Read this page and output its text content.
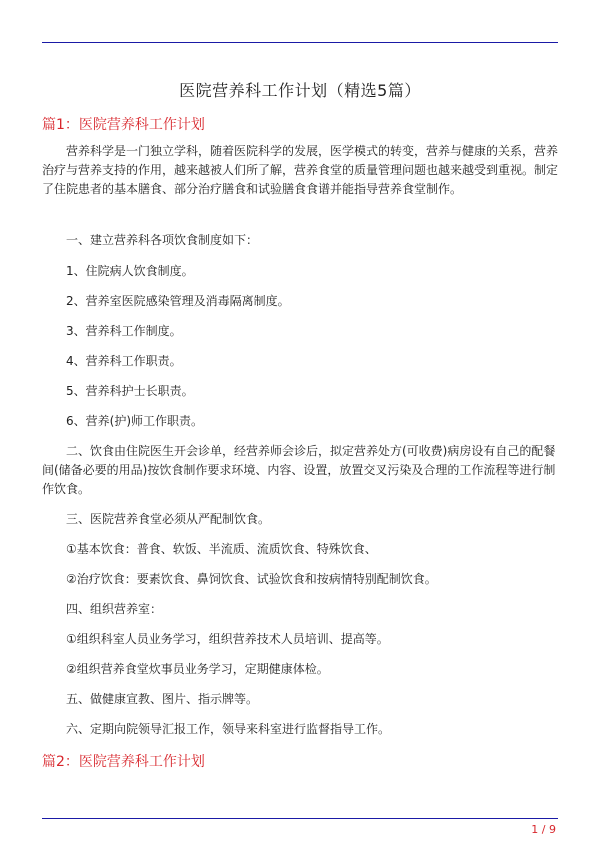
医院营养科工作计划（精选5篇）
篇1：医院营养科工作计划

营养科学是一门独立学科，随着医院科学的发展，医学模式的转变，营养与健康的关系，营养治疗与营养支持的作用，越来越被人们所了解，营养食堂的质量管理问题也越来越受到重视。制定了住院患者的基本膳食、部分治疗膳食和试验膳食食谱并能指导营养食堂制作。

一、建立营养科各项饮食制度如下：

1、住院病人饮食制度。

2、营养室医院感染管理及消毒隔离制度。

3、营养科工作制度。

4、营养科工作职责。

5、营养科护士长职责。

6、营养(护)师工作职责。

二、饮食由住院医生开会诊单，经营养师会诊后，拟定营养处方(可收费)病房设有自己的配餐间(储备必要的用品)按饮食制作要求环境、内容、设置，放置交叉污染及合理的工作流程等进行制作饮食。

三、医院营养食堂必须从严配制饮食。

①基本饮食：普食、软饭、半流质、流质饮食、特殊饮食、

②治疗饮食：要素饮食、鼻饲饮食、试验饮食和按病情特别配制饮食。

四、组织营养室：

①组织科室人员业务学习，组织营养技术人员培训、提高等。

②组织营养食堂炊事员业务学习，定期健康体检。

五、做健康宣教、图片、指示牌等。

六、定期向院领导汇报工作，领导来科室进行监督指导工作。

篇2：医院营养科工作计划
1 / 9
